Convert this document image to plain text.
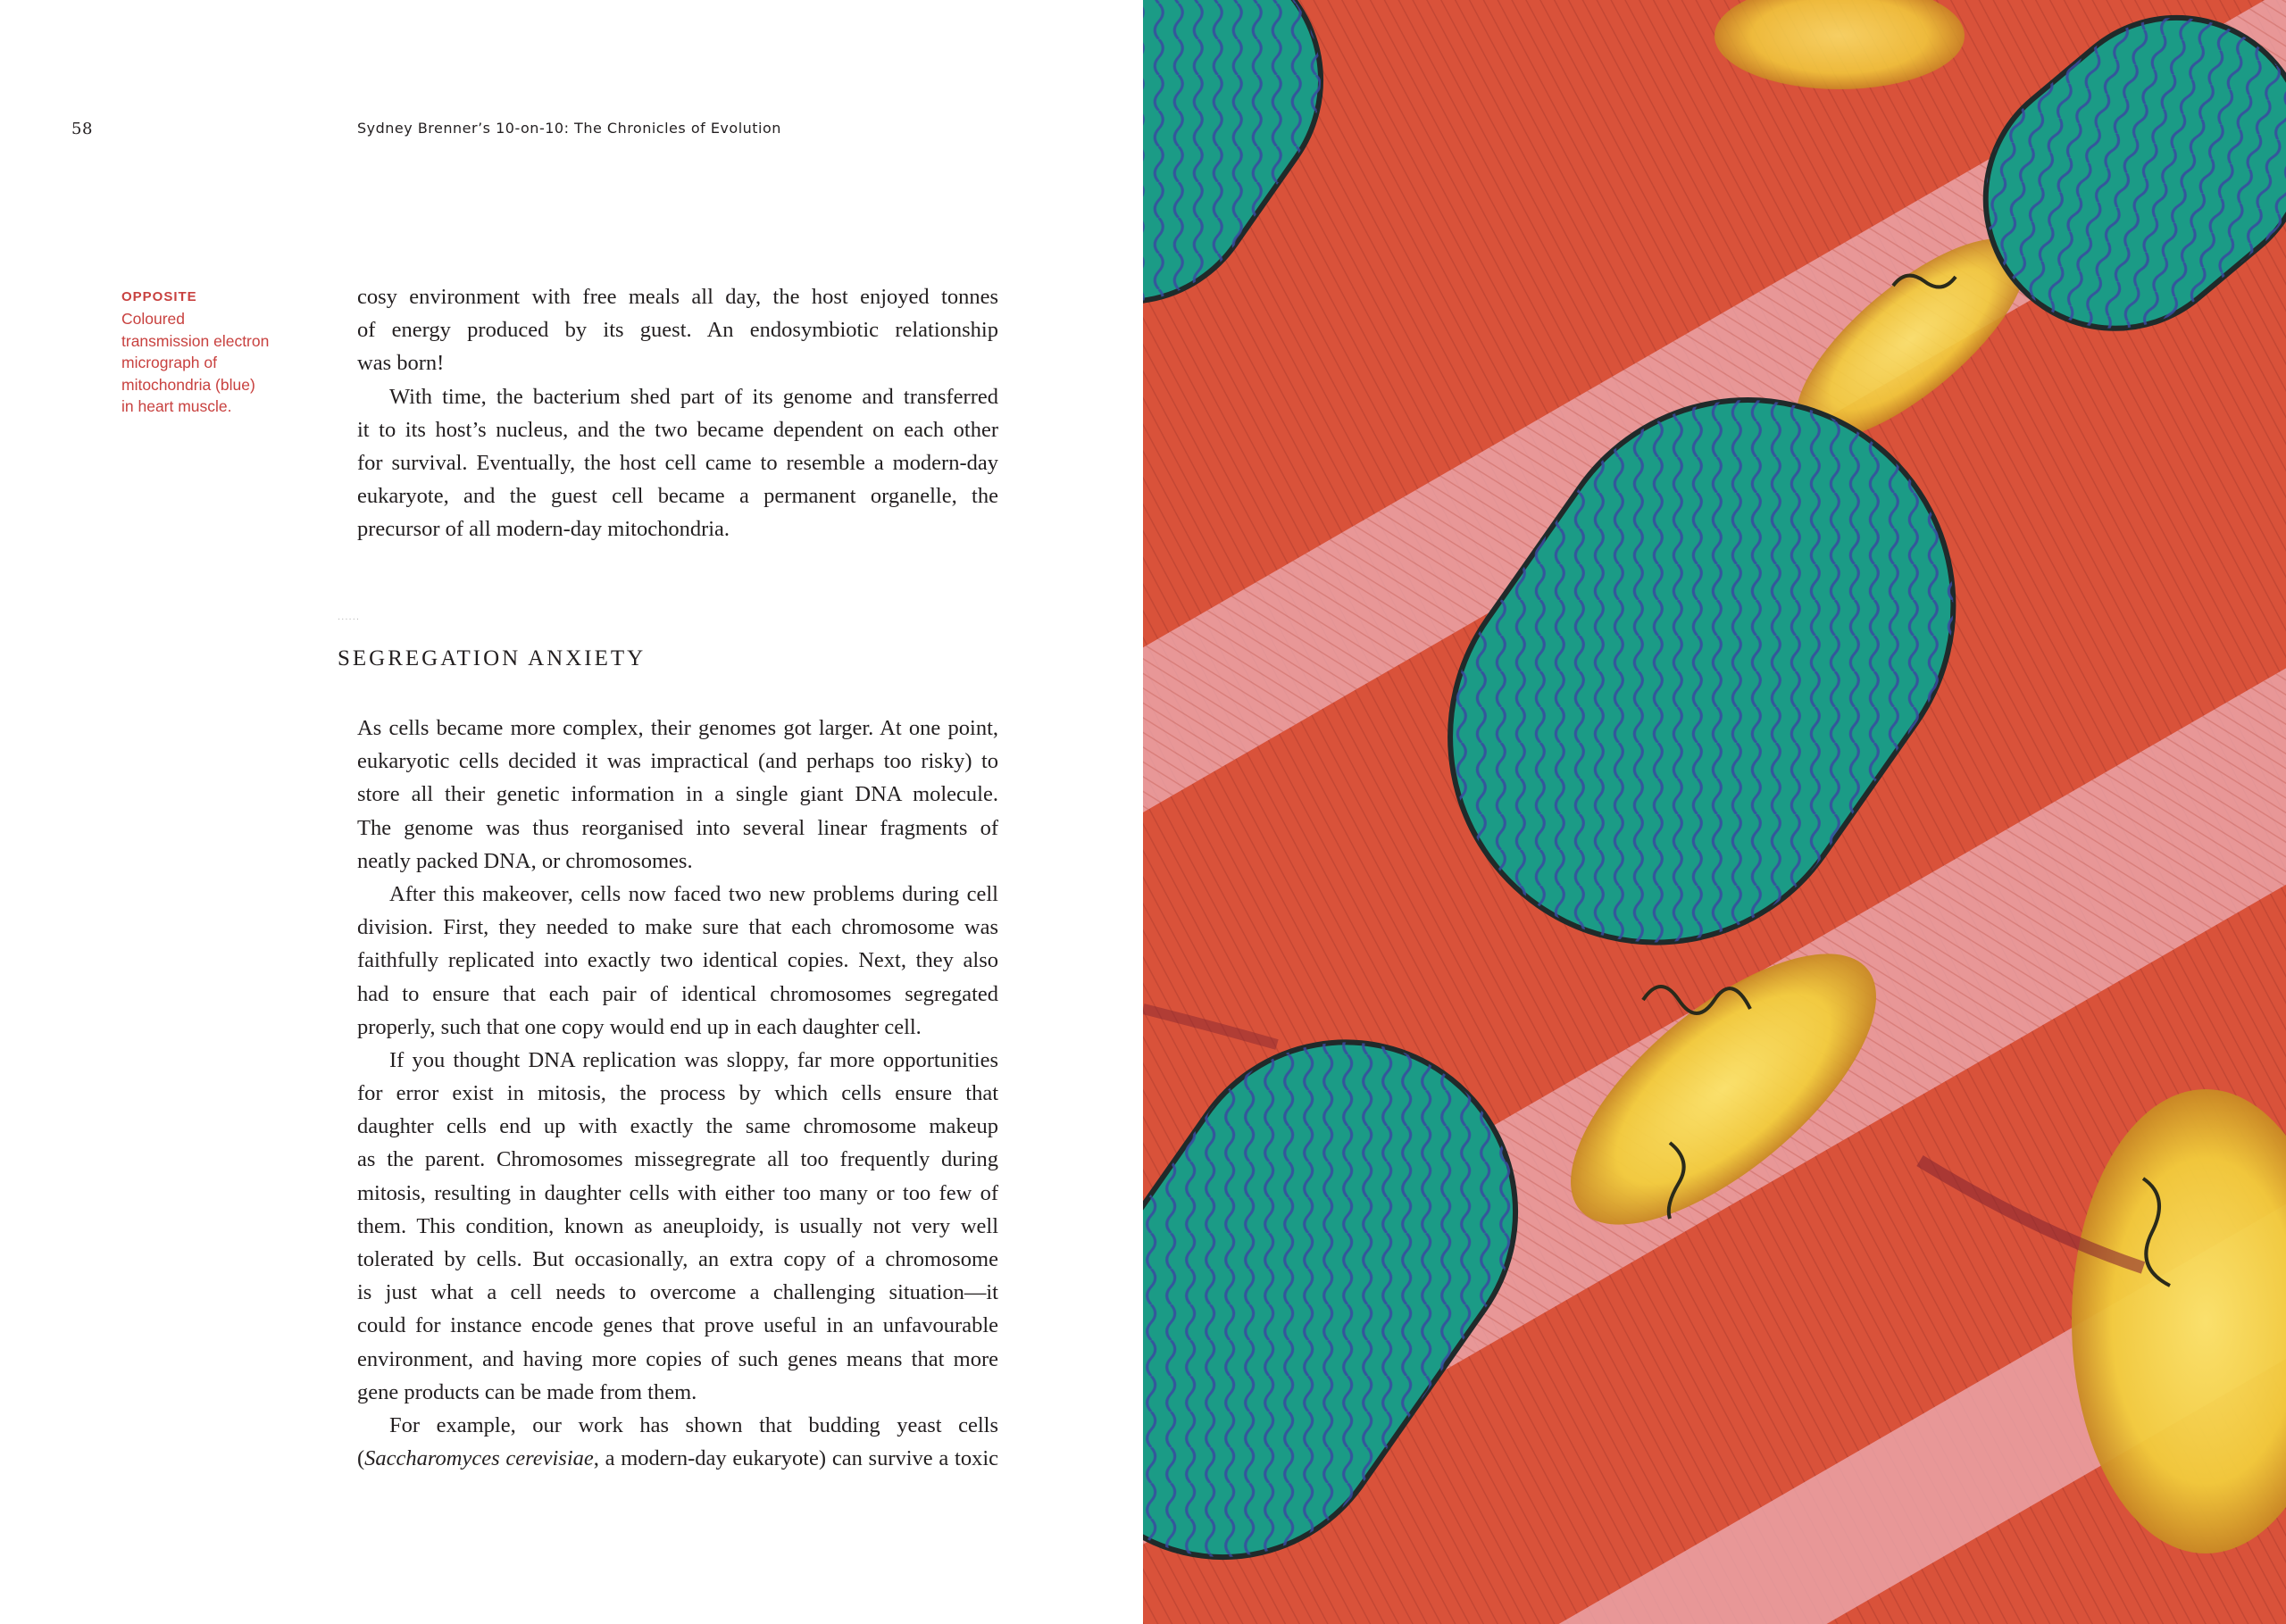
58	Sydney Brenner’s 10-on-10: The Chronicles of Evolution
OPPOSITE
Coloured
transmission electron
micrograph of
mitochondria (blue)
in heart muscle.
cosy environment with free meals all day, the host enjoyed tonnes
of energy produced by its guest. An endosymbiotic relationship
was born!
With time, the bacterium shed part of its genome and transferred
it to its host’s nucleus, and the two became dependent on each other
for survival. Eventually, the host cell came to resemble a modern-day
eukaryote, and the guest cell became a permanent organelle, the
precursor of all modern-day mitochondria.
......
SEGREGATION ANXIETY
As cells became more complex, their genomes got larger. At one point,
eukaryotic cells decided it was impractical (and perhaps too risky) to
store all their genetic information in a single giant DNA molecule.
The genome was thus reorganised into several linear fragments of
neatly packed DNA, or chromosomes.
After this makeover, cells now faced two new problems during cell
division. First, they needed to make sure that each chromosome was
faithfully replicated into exactly two identical copies. Next, they also
had to ensure that each pair of identical chromosomes segregated
properly, such that one copy would end up in each daughter cell.
If you thought DNA replication was sloppy, far more opportunities
for error exist in mitosis, the process by which cells ensure that
daughter cells end up with exactly the same chromosome makeup
as the parent. Chromosomes missegregrate all too frequently during
mitosis, resulting in daughter cells with either too many or too few of
them. This condition, known as aneuploidy, is usually not very well
tolerated by cells. But occasionally, an extra copy of a chromosome
is just what a cell needs to overcome a challenging situation—it
could for instance encode genes that prove useful in an unfavourable
environment, and having more copies of such genes means that more
gene products can be made from them.
For example, our work has shown that budding yeast cells
(Saccharomyces cerevisiae, a modern-day eukaryote) can survive a toxic
